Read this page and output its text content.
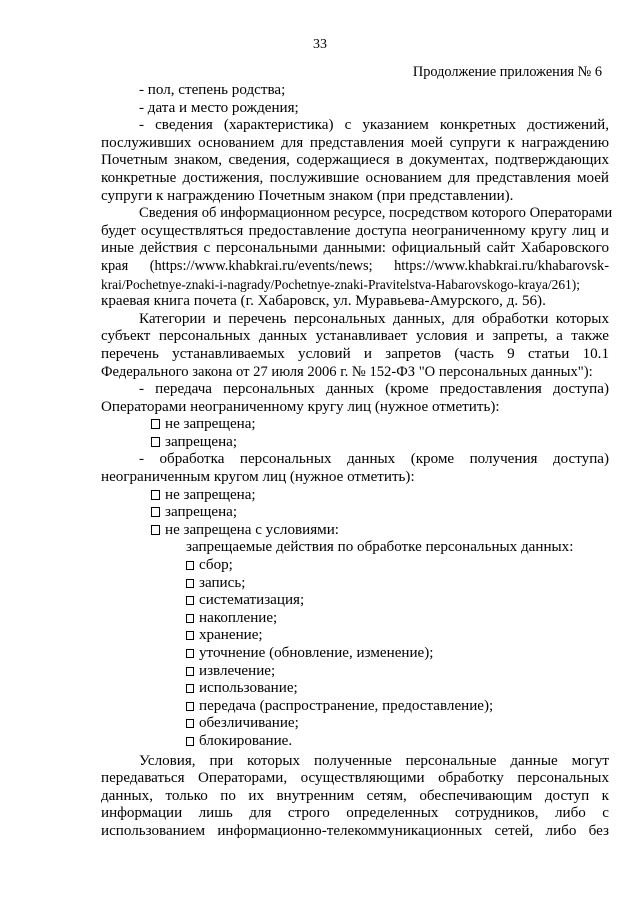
33
Продолжение приложения № 6
- пол, степень родства;
- дата и место рождения;
- сведения (характеристика) с указанием конкретных достижений,
послуживших основанием для представления моей супруги к награждению
Почетным знаком, сведения, содержащиеся в документах, подтверждающих
конкретные достижения, послужившие основанием для представления моей
супруги к награждению Почетным знаком (при представлении).
Сведения об информационном ресурсе, посредством которого Операторами
будет осуществляться предоставление доступа неограниченному кругу лиц и
иные действия с персональными данными: официальный сайт Хабаровского
края (https://www.khabkrai.ru/events/news; https://www.khabkrai.ru/khabarovsk-
krai/Pochetnye-znaki-i-nagrady/Pochetnye-znaki-Pravitelstva-Habarovskogo-kraya/261);
краевая книга почета (г. Хабаровск, ул. Муравьева-Амурского, д. 56).
Категории и перечень персональных данных, для обработки которых
субъект персональных данных устанавливает условия и запреты, а также
перечень устанавливаемых условий и запретов (часть 9 статьи 10.1
Федерального закона от 27 июля 2006 г. № 152-ФЗ "О персональных данных"):
- передача персональных данных (кроме предоставления доступа)
Операторами неограниченному кругу лиц (нужное отметить):
не запрещена;
запрещена;
- обработка персональных данных (кроме получения доступа)
неограниченным кругом лиц (нужное отметить):
не запрещена;
запрещена;
не запрещена с условиями:
запрещаемые действия по обработке персональных данных:
сбор;
запись;
систематизация;
накопление;
хранение;
уточнение (обновление, изменение);
извлечение;
использование;
передача (распространение, предоставление);
обезличивание;
блокирование.
Условия, при которых полученные персональные данные могут
передаваться Операторами, осуществляющими обработку персональных
данных, только по их внутренним сетям, обеспечивающим доступ к
информации лишь для строго определенных сотрудников, либо с
использованием информационно-телекоммуникационных сетей, либо без
